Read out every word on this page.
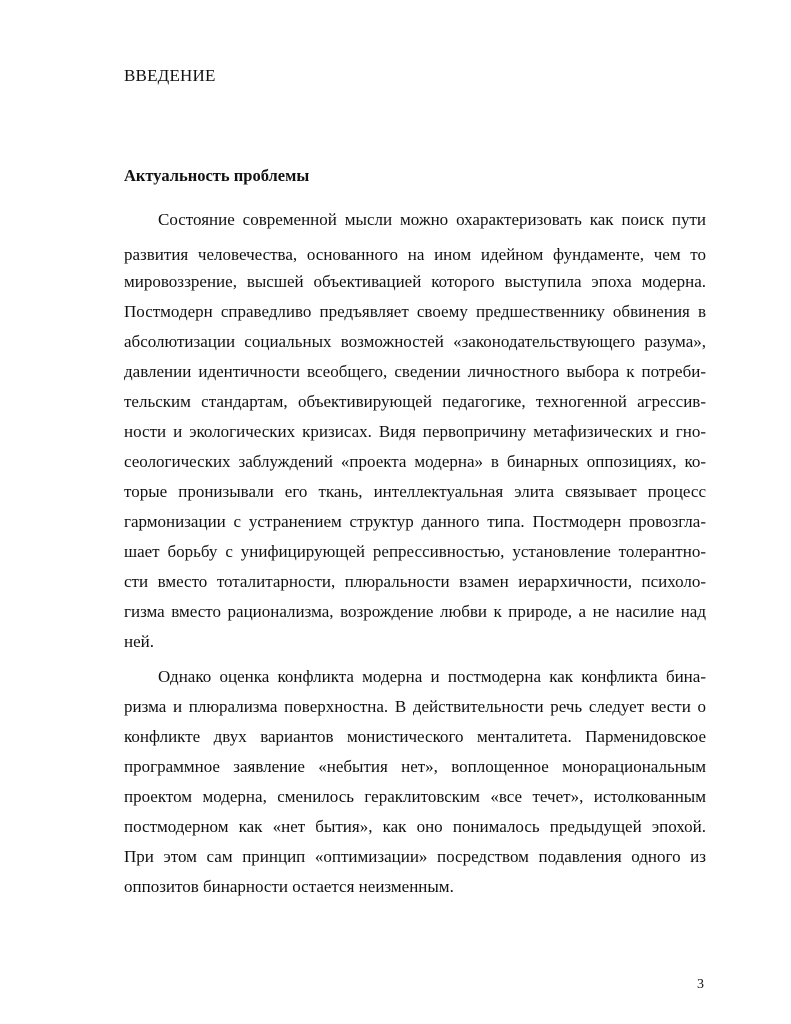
ВВЕДЕНИЕ
Актуальность проблемы

Состояние современной мысли можно охарактеризовать как поиск пути

развития человечества, основанного на ином идейном фундаменте, чем то

мировоззрение, высшей объективацией которого выступила эпоха модерна.

Постмодерн справедливо предъявляет своему предшественнику обвинения в

абсолютизации социальных возможностей «законодательствующего разума»,

давлении идентичности всеобщего, сведении личностного выбора к потреби-

тельским стандартам, объективирующей педагогике, техногенной агрессив-

ности и экологических кризисах. Видя первопричину метафизических и гно-

сеологических заблуждений «проекта модерна» в бинарных оппозициях, ко-

торые пронизывали его ткань, интеллектуальная элита связывает процесс

гармонизации с устранением структур данного типа. Постмодерн провозгла-

шает борьбу с унифицирующей репрессивностью, установление толерантно-

сти вместо тоталитарности, плюральности взамен иерархичности, психоло-

гизма вместо рационализма, возрождение любви к природе, а не насилие над

ней.

Однако оценка конфликта модерна и постмодерна как конфликта бина-

ризма и плюрализма поверхностна. В действительности речь следует вести о

конфликте двух вариантов монистического менталитета. Парменидовское

программное заявление «небытия нет», воплощенное монорациональным

проектом модерна, сменилось гераклитовским «все течет», истолкованным

постмодерном как «нет бытия», как оно понималось предыдущей эпохой.

При этом сам принцип «оптимизации» посредством подавления одного из

оппозитов бинарности остается неизменным.

3
